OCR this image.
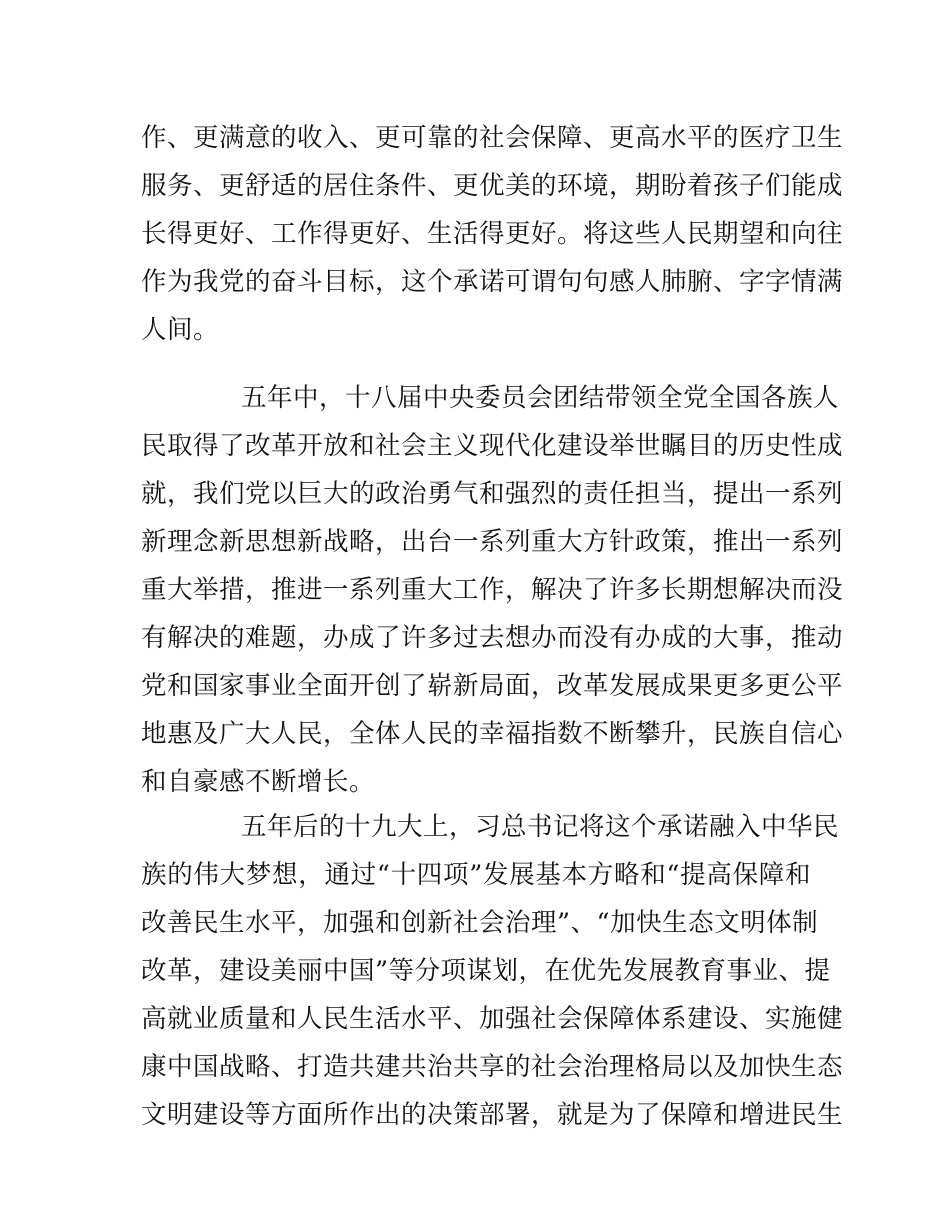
作、更满意的收入、更可靠的社会保障、更高水平的医疗卫生
服务、更舒适的居住条件、更优美的环境，期盼着孩子们能成
长得更好、工作得更好、生活得更好。将这些人民期望和向往
作为我党的奋斗目标，这个承诺可谓句句感人肺腑、字字情满
人间。
五年中，十八届中央委员会团结带领全党全国各族人
民取得了改革开放和社会主义现代化建设举世瞩目的历史性成
就，我们党以巨大的政治勇气和强烈的责任担当，提出一系列
新理念新思想新战略，出台一系列重大方针政策，推出一系列
重大举措，推进一系列重大工作，解决了许多长期想解决而没
有解决的难题，办成了许多过去想办而没有办成的大事，推动
党和国家事业全面开创了崭新局面，改革发展成果更多更公平
地惠及广大人民，全体人民的幸福指数不断攀升，民族自信心
和自豪感不断增长。
五年后的十九大上，习总书记将这个承诺融入中华民
族的伟大梦想，通过“十四项”发展基本方略和“提高保障和
改善民生水平，加强和创新社会治理”、“加快生态文明体制
改革，建设美丽中国”等分项谋划，在优先发展教育事业、提
高就业质量和人民生活水平、加强社会保障体系建设、实施健
康中国战略、打造共建共治共享的社会治理格局以及加快生态
文明建设等方面所作出的决策部署，就是为了保障和增进民生
